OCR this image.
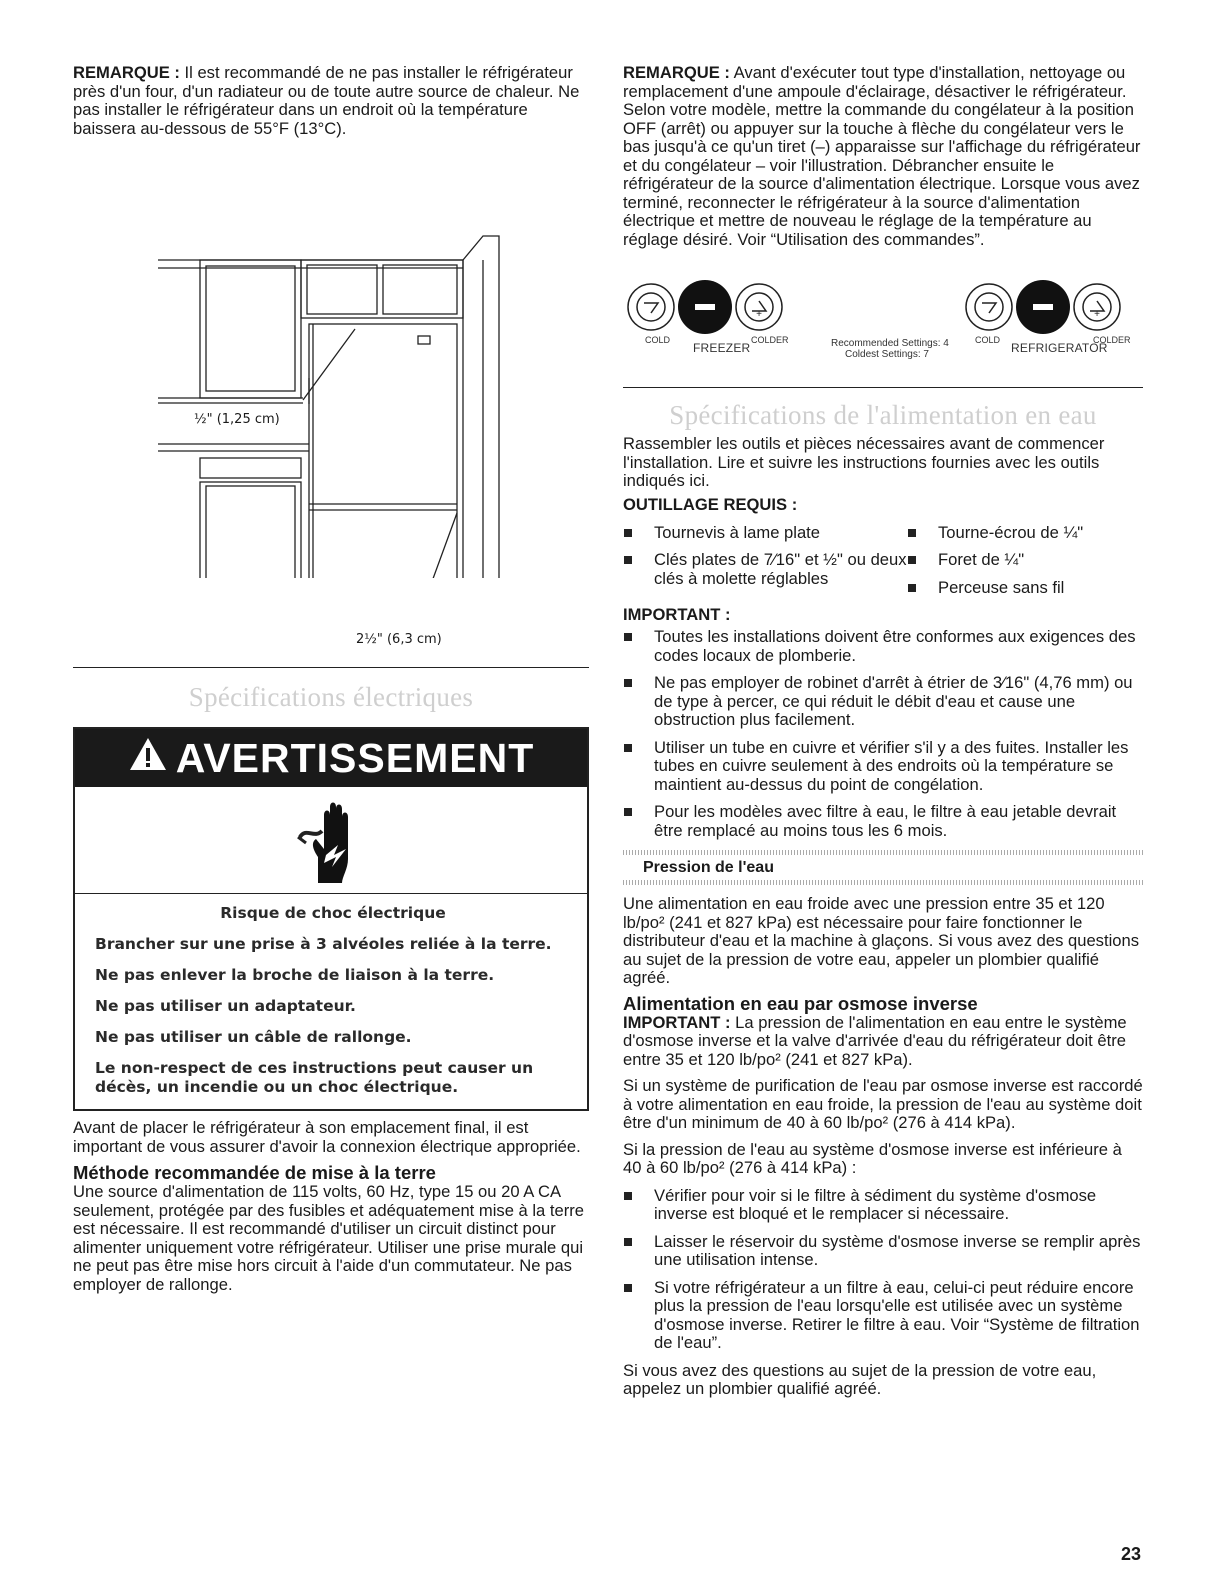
REMARQUE : Il est recommandé de ne pas installer le réfrigérateur près d'un four, d'un radiateur ou de toute autre source de chaleur. Ne pas installer le réfrigérateur dans un endroit où la température baissera au-dessous de 55°F (13°C).

½" (1,25 cm)
2½" (6,3 cm)
Spécifications électriques
AVERTISSEMENT

Risque de choc électrique

Brancher sur une prise à 3 alvéoles reliée à la terre.

Ne pas enlever la broche de liaison à la terre.

Ne pas utiliser un adaptateur.

Ne pas utiliser un câble de rallonge.

Le non-respect de ces instructions peut causer un décès, un incendie ou un choc électrique.

Avant de placer le réfrigérateur à son emplacement final, il est important de vous assurer d'avoir la connexion électrique appropriée.

Méthode recommandée de mise à la terre

Une source d'alimentation de 115 volts, 60 Hz, type 15 ou 20 A CA seulement, protégée par des fusibles et adéquatement mise à la terre est nécessaire. Il est recommandé d'utiliser un circuit distinct pour alimenter uniquement votre réfrigérateur. Utiliser une prise murale qui ne peut pas être mise hors circuit à l'aide d'un commutateur. Ne pas employer de rallonge.

REMARQUE : Avant d'exécuter tout type d'installation, nettoyage ou remplacement d'une ampoule d'éclairage, désactiver le réfrigérateur. Selon votre modèle, mettre la commande du congélateur à la position OFF (arrêt) ou appuyer sur la touche à flèche du congélateur vers le bas jusqu'à ce qu'un tiret (–) apparaisse sur l'affichage du réfrigérateur et du congélateur – voir l'illustration. Débrancher ensuite le réfrigérateur de la source d'alimentation électrique. Lorsque vous avez terminé, reconnecter le réfrigérateur à la source d'alimentation électrique et mettre de nouveau le réglage de la température au réglage désiré. Voir “Utilisation des commandes”.

+	+
COLD
FREEZER
COLDER	Recommended Settings: 4
Coldest Settings: 7
COLD
REFRIGERATOR
COLDER
Spécifications de l'alimentation en eau

Rassembler les outils et pièces nécessaires avant de commencer l'installation. Lire et suivre les instructions fournies avec les outils indiqués ici.

OUTILLAGE REQUIS :
Tournevis à lame plate
Clés plates de 7⁄16" et ½" ou deux clés à molette réglables
Tourne-écrou de ¼"
Foret de ¼"
Perceuse sans fil
IMPORTANT :
Toutes les installations doivent être conformes aux exigences des codes locaux de plomberie.
Ne pas employer de robinet d'arrêt à étrier de 3⁄16" (4,76 mm) ou de type à percer, ce qui réduit le débit d'eau et cause une obstruction plus facilement.
Utiliser un tube en cuivre et vérifier s'il y a des fuites. Installer les tubes en cuivre seulement à des endroits où la température se maintient au-dessus du point de congélation.
Pour les modèles avec filtre à eau, le filtre à eau jetable devrait être remplacé au moins tous les 6 mois.
Pression de l'eau

Une alimentation en eau froide avec une pression entre 35 et 120 lb/po² (241 et 827 kPa) est nécessaire pour faire fonctionner le distributeur d'eau et la machine à glaçons. Si vous avez des questions au sujet de la pression de votre eau, appeler un plombier qualifié agréé.

Alimentation en eau par osmose inverse

IMPORTANT : La pression de l'alimentation en eau entre le système d'osmose inverse et la valve d'arrivée d'eau du réfrigérateur doit être entre 35 et 120 lb/po² (241 et 827 kPa).

Si un système de purification de l'eau par osmose inverse est raccordé à votre alimentation en eau froide, la pression de l'eau au système doit être d'un minimum de 40 à 60 lb/po² (276 à 414 kPa).

Si la pression de l'eau au système d'osmose inverse est inférieure à 40 à 60 lb/po² (276 à 414 kPa) :

Vérifier pour voir si le filtre à sédiment du système d'osmose inverse est bloqué et le remplacer si nécessaire.
Laisser le réservoir du système d'osmose inverse se remplir après une utilisation intense.
Si votre réfrigérateur a un filtre à eau, celui-ci peut réduire encore plus la pression de l'eau lorsqu'elle est utilisée avec un système d'osmose inverse. Retirer le filtre à eau. Voir “Système de filtration de l'eau”.

Si vous avez des questions au sujet de la pression de votre eau, appelez un plombier qualifié agréé.

23
